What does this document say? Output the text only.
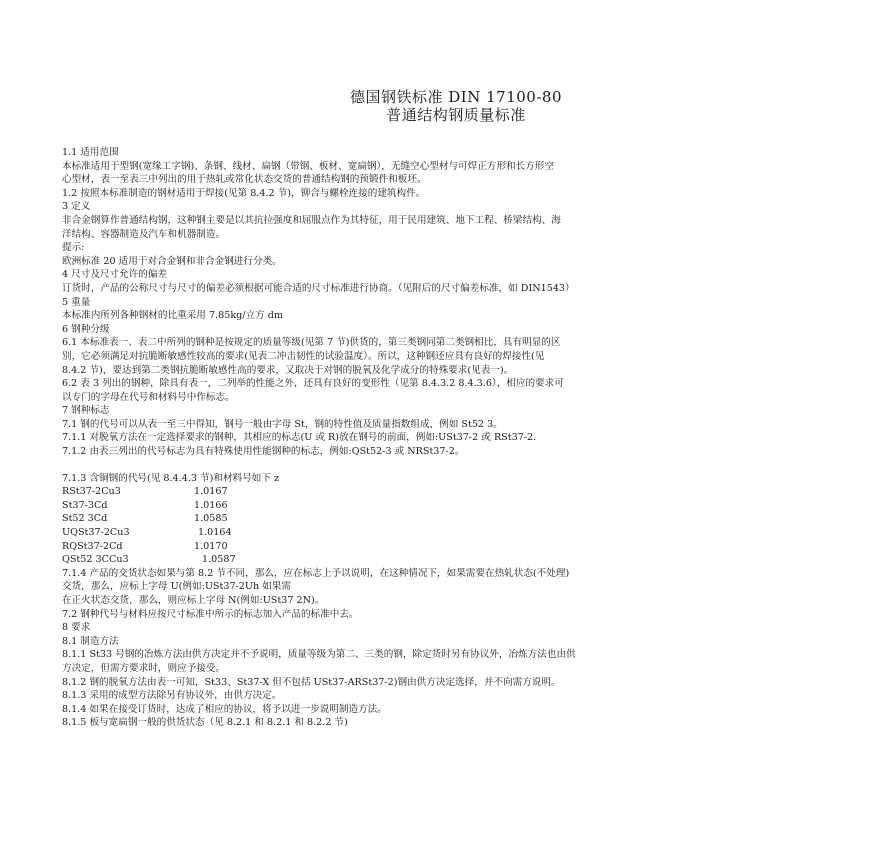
德国钢铁标准 DIN 17100-80
普通结构钢质量标准
1.1 适用范围
本标准适用于型钢(宽缘工字钢)、条钢、线材、扁钢（带钢、板材、宽扁钢），无缝空心型材与可焊正方形和长方形空
心型材，表一至表三中列出的用于热轧或常化状态交货的普通结构钢的预锻件和板坯。
1.2 按照本标准制造的钢材适用于焊接(见第 8.4.2 节)，铆合与螺栓连接的建筑构件。
3 定义
非合金钢算作普通结构钢，这种钢主要是以其抗拉强度和屈服点作为其特征，用于民用建筑、地下工程、桥梁结构、海
洋结构、容器制造及汽车和机器制造。
提示:
欧洲标准 20 适用于对合金钢和非合金钢进行分类。
4 尺寸及尺寸允许的偏差
订货时，产品的公称尺寸与尺寸的偏差必须根据可能合适的尺寸标准进行协商。（见附后的尺寸偏差标准，如 DIN1543）
5 重量
本标准内所列各种钢材的比重采用 7.85kg/立方 dm
6 钢种分级
6.1 本标准表一、表二中所列的钢种是按规定的质量等级(见第 7 节)供货的，第三类钢同第二类钢相比，具有明显的区
别，它必须满足对抗脆断敏感性较高的要求(见表二冲击韧性的试验温度）。所以，这种钢还应具有良好的焊接性(见
8.4.2 节)，要达到第二类钢抗脆断敏感性高的要求，又取决于对钢的脱氧及化学成分的特殊要求(见表一)。
6.2 表 3 列出的钢种，除具有表一，二列举的性能之外，还具有良好的变形性（见第 8.4.3.2 8.4.3.6），相应的要求可
以专门的字母在代号和材料号中作标志。
7 钢种标志
7.1 钢的代号可以从表一至三中得知，钢号一般由字母 St，钢的特性值及质量指数组成，例如 St52 3。
7.1.1 对脱氧方法在一定选择要求的钢种，其相应的标志(U 或 R)放在钢号的前面，例如:USt37-2 或 RSt37-2.
7.1.2 由表三列出的代号标志为具有特殊使用性能钢种的标志，例如:QSt52-3 或 NRSt37-2。
7.1.3 含铜钢的代号(见 8.4.4.3 节)和材料号如下 z
RSt37-2Cu3	1.0167
St37-3Cd	1.0166
St52 3Cd	1.0585
UQSt37-2Cu3	1.0164
RQSt37-2Cd	1.0170
QSt52 3CCu3	1.0587
7.1.4 产品的交货状态如果与第 8.2 节不同，那么，应在标志上予以说明，在这种情况下，如果需要在热轧状态(不处理)
交货，那么，应标上字母 U(例如:USt37-2Uh 如果需
在正火状态交货，那么，则应标上字母 N(例如:USt37 2N)。
7.2 钢种代号与材料应按尺寸标准中所示的标志加入产品的标准中去。
8 要求
8.1 制造方法
8.1.1 St33 号钢的冶炼方法由供方决定并不予说明，质量等级为第二、三类的钢，除定货时另有协议外，冶炼方法也由供
方决定，但需方要求时，则应予接受。
8.1.2 钢的脱氧方法由表一可知，St33、St37-X 但不包括 USt37-ARSt37-2)钢由供方决定选择，并不向需方说明。
8.1.3 采用的成型方法除另有协议外，由供方决定。
8.1.4 如果在接受订货时，达成了相应的协议，将予以进一步说明制造方法。
8.1.5 板与宽扁钢一般的供货状态（见 8.2.1 和 8.2.1 和 8.2.2 节)
